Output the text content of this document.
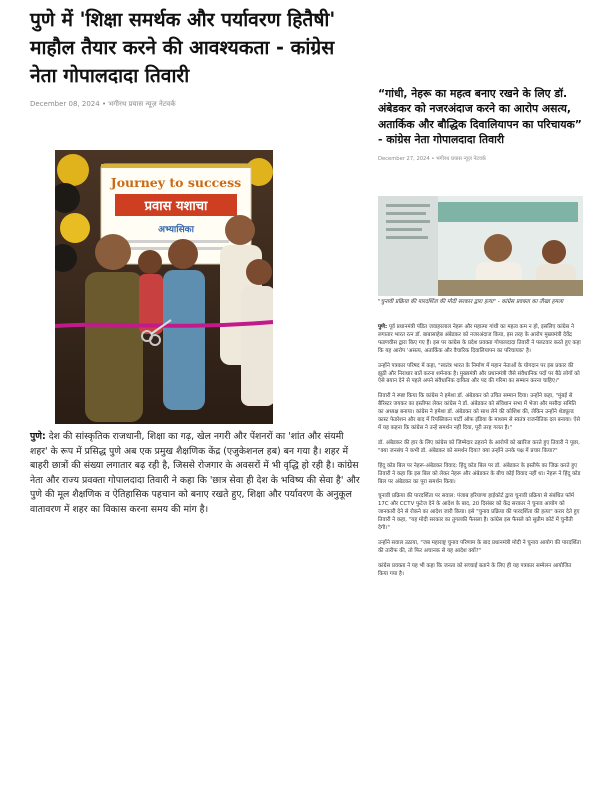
पुणे में 'शिक्षा समर्थक और पर्यावरण हितैषी' माहौल तैयार करने की आवश्यकता - कांग्रेस नेता गोपालदादा तिवारी
December 08, 2024 • भगीरथ प्रयास न्यूज़ नेटवर्क
Journey to success
प्रवास यशाचा
अभ्यासिका

पुणे: देश की सांस्कृतिक राजधानी, शिक्षा का गढ़, खेल नगरी और पेंशनरों का 'शांत और संयमी शहर' के रूप में प्रसिद्ध पुणे अब एक प्रमुख शैक्षणिक केंद्र (एजुकेशनल हब) बन गया है। शहर में बाहरी छात्रों की संख्या लगातार बढ़ रही है, जिससे रोजगार के अवसरों में भी वृद्धि हो रही है। कांग्रेस नेता और राज्य प्रवक्ता गोपालदादा तिवारी ने कहा कि 'छात्र सेवा ही देश के भविष्य की सेवा है' और पुणे की मूल शैक्षणिक व ऐतिहासिक पहचान को बनाए रखते हुए, शिक्षा और पर्यावरण के अनुकूल वातावरण में शहर का विकास करना समय की मांग है।

“गांधी, नेहरू का महत्व बनाए रखने के लिए डॉ. अंबेडकर को नजरअंदाज करने का आरोप असत्य, अतार्किक और बौद्धिक दिवालियापन का परिचायक” - कांग्रेस नेता गोपालदादा तिवारी
December 27, 2024 • भगीरथ प्रयास न्यूज़ नेटवर्क

"चुनावी प्रक्रिया की पारदर्शिता की मोदी सरकार द्वारा हत्या" - कांग्रेस प्रवक्ता का तीखा हमला

पुणे: पूर्व प्रधानमंत्री पंडित जवाहरलाल नेहरू और महात्मा गांधी का महत्व कम न हो, इसलिए कांग्रेस ने लगातार भारत रत्न डॉ. बाबासाहेब अंबेडकर को नजरअंदाज किया, इस तरह के आरोप मुख्यमंत्री देवेंद्र फडणवीस द्वारा किए गए हैं। इस पर कांग्रेस के प्रदेश प्रवक्ता गोपालदादा तिवारी ने पलटवार करते हुए कहा कि यह आरोप 'असत्य, अतार्किक और वैचारिक दिवालियापन का परिचायक' है।

उन्होंने पत्रकार परिषद में कहा, "स्वतंत्र भारत के निर्माण में महान नेताओं के योगदान पर इस प्रकार की झूठी और निराधार बातें करना शर्मनाक है। मुख्यमंत्री और प्रधानमंत्री जैसे संवैधानिक पदों पर बैठे लोगों को ऐसे बयान देने से पहले अपने संवैधानिक दायित्व और पद की गरिमा का सम्मान करना चाहिए।"

तिवारी ने स्पष्ट किया कि कांग्रेस ने हमेशा डॉ. अंबेडकर को उचित सम्मान दिया। उन्होंने कहा, "मुंबई से बैरिस्टर जयकर का इस्तीफा लेकर कांग्रेस ने डॉ. अंबेडकर को संविधान सभा में भेजा और मसौदा समिति का अध्यक्ष बनाया। कांग्रेस ने हमेशा डॉ. अंबेडकर को साथ लेने की कोशिश की, लेकिन उन्होंने शेड्यूल्ड कास्ट फेडरेशन और बाद में रिपब्लिकन पार्टी ऑफ इंडिया के माध्यम से स्वतंत्र राजनीतिक दल बनाया। ऐसे में यह कहना कि कांग्रेस ने उन्हें समर्थन नहीं दिया, पूरी तरह गलत है।"

डॉ. अंबेडकर की हार के लिए कांग्रेस को जिम्मेदार ठहराने के आरोपों को खारिज करते हुए तिवारी ने पूछा, "क्या जनसंघ ने कभी डॉ. अंबेडकर को समर्थन दिया? क्या उन्होंने उनके पक्ष में प्रचार किया?"

हिंदू कोड बिल पर नेहरू-अंबेडकर विवाद: हिंदू कोड बिल पर डॉ. अंबेडकर के इस्तीफे का जिक्र करते हुए तिवारी ने कहा कि इस बिल को लेकर नेहरू और अंबेडकर के बीच कोई विवाद नहीं था। नेहरू ने हिंदू कोड बिल पर अंबेडकर का पूरा समर्थन किया।

चुनावी प्रक्रिया की पारदर्शिता पर सवाल: पंजाब हरियाणा हाईकोर्ट द्वारा चुनावी प्रक्रिया से संबंधित फॉर्म 17C और CCTV फुटेज देने के आदेश के बाद, 20 दिसंबर को केंद्र सरकार ने चुनाव आयोग को जानकारी देने से रोकने का आदेश जारी किया। इसे "चुनाव प्रक्रिया की पारदर्शिता की हत्या" करार देते हुए तिवारी ने कहा, "यह मोदी सरकार का तुगलकी फैसला है। कांग्रेस इस फैसले को सुप्रीम कोर्ट में चुनौती देगी।"

उन्होंने सवाल उठाया, "जब महाराष्ट्र चुनाव परिणाम के बाद प्रधानमंत्री मोदी ने चुनाव आयोग की पारदर्शिता की तारीफ की, तो फिर अचानक से यह आदेश क्यों?"

कांग्रेस प्रवक्ता ने यह भी कहा कि जनता को सच्चाई बताने के लिए ही यह पत्रकार सम्मेलन आयोजित किया गया है।
